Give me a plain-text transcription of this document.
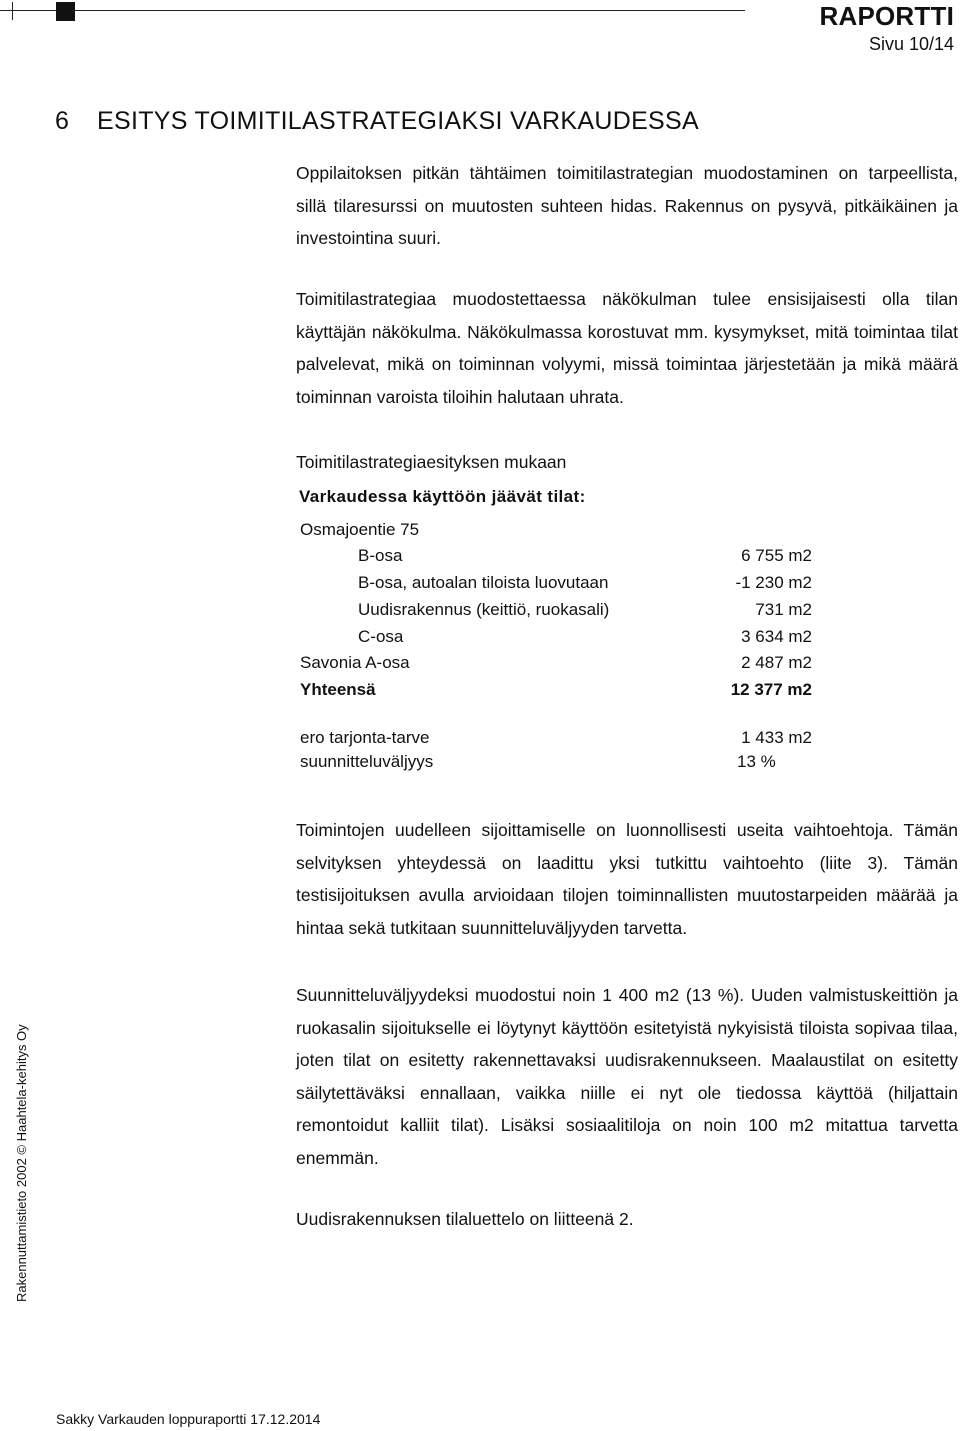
RAPORTTI
Sivu 10/14
6 ESITYS TOIMITILASTRATEGIAKSI VARKAUDESSA

Oppilaitoksen pitkän tähtäimen toimitilastrategian muodostaminen on tarpeellista, sillä tilaresurssi on muutosten suhteen hidas. Rakennus on pysyvä, pitkäikäinen ja investointina suuri.

Toimitilastrategiaa muodostettaessa näkökulman tulee ensisijaisesti olla tilan käyttäjän näkökulma. Näkökulmassa korostuvat mm. kysymykset, mitä toimintaa tilat palvelevat, mikä on toiminnan volyymi, missä toimintaa järjestetään ja mikä määrä toiminnan varoista tiloihin halutaan uhrata.

Toimitilastrategiaesityksen mukaan
Varkaudessa käyttöön jäävät tilat:
Osmajoentie 75
B-osa	6 755 m2
B-osa, autoalan tiloista luovutaan	-1 230 m2
Uudisrakennus (keittiö, ruokasali)	731 m2
C-osa	3 634 m2
Savonia A-osa	2 487 m2
Yhteensä	12 377 m2
ero tarjonta-tarve	1 433 m2
suunnitteluväljyys	13 %

Toimintojen uudelleen sijoittamiselle on luonnollisesti useita vaihtoehtoja. Tämän selvityksen yhteydessä on laadittu yksi tutkittu vaihtoehto (liite 3). Tämän testisijoituksen avulla arvioidaan tilojen toiminnallisten muutostarpeiden määrää ja hintaa sekä tutkitaan suunnitteluväljyyden tarvetta.

Suunnitteluväljyydeksi muodostui noin 1 400 m2 (13 %). Uuden valmistuskeittiön ja ruokasalin sijoitukselle ei löytynyt käyttöön esitetyistä nykyisistä tiloista sopivaa tilaa, joten tilat on esitetty rakennettavaksi uudisrakennukseen. Maalaustilat on esitetty säilytettäväksi ennallaan, vaikka niille ei nyt ole tiedossa käyttöä (hiljattain remontoidut kalliit tilat). Lisäksi sosiaalitiloja on noin 100 m2 mitattua tarvetta enemmän.

Uudisrakennuksen tilaluettelo on liitteenä 2.
Rakennuttamistieto 2002 © Haahtela-kehitys Oy
Sakky Varkauden loppuraportti 17.12.2014
